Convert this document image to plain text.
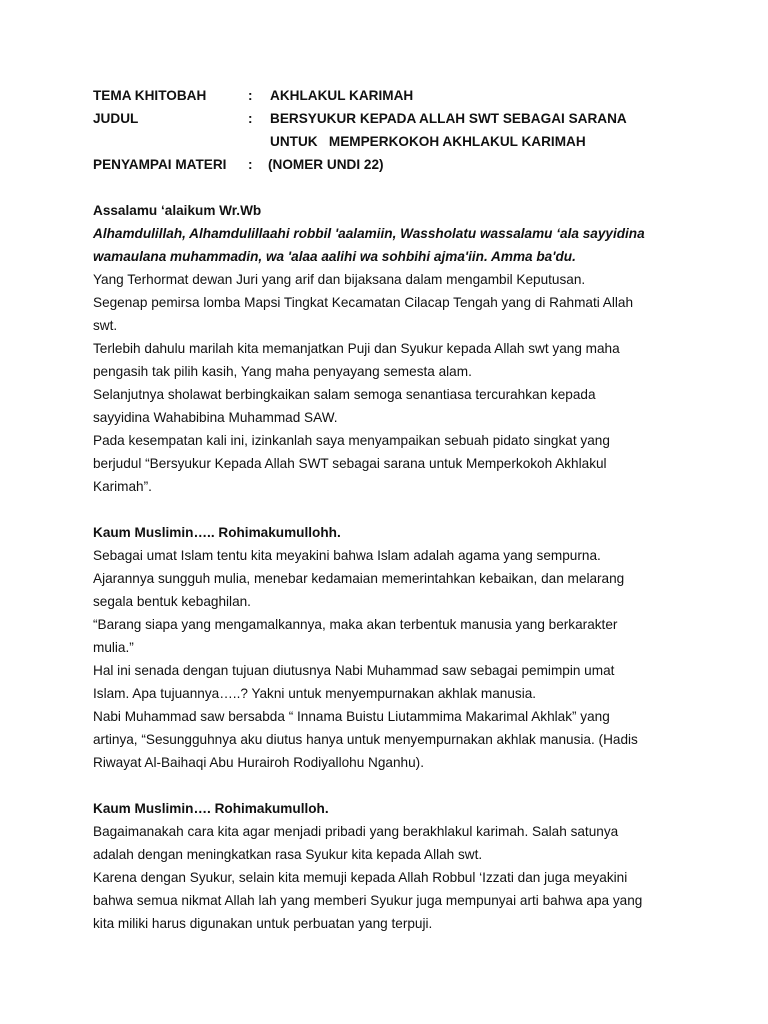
TEMA KHITOBAH	:	AKHLAKUL KARIMAH
JUDUL	:	BERSYUKUR KEPADA ALLAH SWT SEBAGAI SARANA
UNTUK   MEMPERKOKOH AKHLAKUL KARIMAH
PENYAMPAI MATERI	:	(NOMER UNDI 22)

Assalamu ‘alaikum Wr.Wb

Alhamdulillah, Alhamdulillaahi robbil 'aalamiin, Wassholatu wassalamu ‘ala sayyidina

wamaulana muhammadin, wa 'alaa aalihi wa sohbihi ajma'iin. Amma ba'du.

Yang Terhormat dewan Juri yang arif dan bijaksana dalam mengambil Keputusan.

Segenap pemirsa lomba Mapsi Tingkat Kecamatan Cilacap Tengah yang di Rahmati Allah

swt.

Terlebih dahulu marilah kita memanjatkan Puji dan Syukur kepada Allah swt yang maha

pengasih tak pilih kasih, Yang maha penyayang semesta alam.

Selanjutnya sholawat berbingkaikan salam semoga senantiasa tercurahkan kepada

sayyidina Wahabibina Muhammad SAW.

Pada kesempatan kali ini, izinkanlah saya menyampaikan sebuah pidato singkat yang

berjudul “Bersyukur Kepada Allah SWT sebagai sarana untuk Memperkokoh Akhlakul

Karimah”.

Kaum Muslimin….. Rohimakumullohh.

Sebagai umat Islam tentu kita meyakini bahwa Islam adalah agama yang sempurna.

Ajarannya sungguh mulia, menebar kedamaian memerintahkan kebaikan, dan melarang

segala bentuk kebaghilan.

“Barang siapa yang mengamalkannya, maka akan terbentuk manusia yang berkarakter

mulia.”

Hal ini senada dengan tujuan diutusnya Nabi Muhammad saw sebagai pemimpin umat

Islam. Apa tujuannya…..? Yakni untuk menyempurnakan akhlak manusia.

Nabi Muhammad saw bersabda “ Innama Buistu Liutammima Makarimal Akhlak” yang

artinya, “Sesungguhnya aku diutus hanya untuk menyempurnakan akhlak manusia. (Hadis

Riwayat Al-Baihaqi Abu Hurairoh Rodiyallohu Nganhu).

Kaum Muslimin…. Rohimakumulloh.

Bagaimanakah cara kita agar menjadi pribadi yang berakhlakul karimah. Salah satunya

adalah dengan meningkatkan rasa Syukur kita kepada Allah swt.

Karena dengan Syukur, selain kita memuji kepada Allah Robbul ‘Izzati dan juga meyakini

bahwa semua nikmat Allah lah yang memberi Syukur juga mempunyai arti bahwa apa yang

kita miliki harus digunakan untuk perbuatan yang terpuji.
